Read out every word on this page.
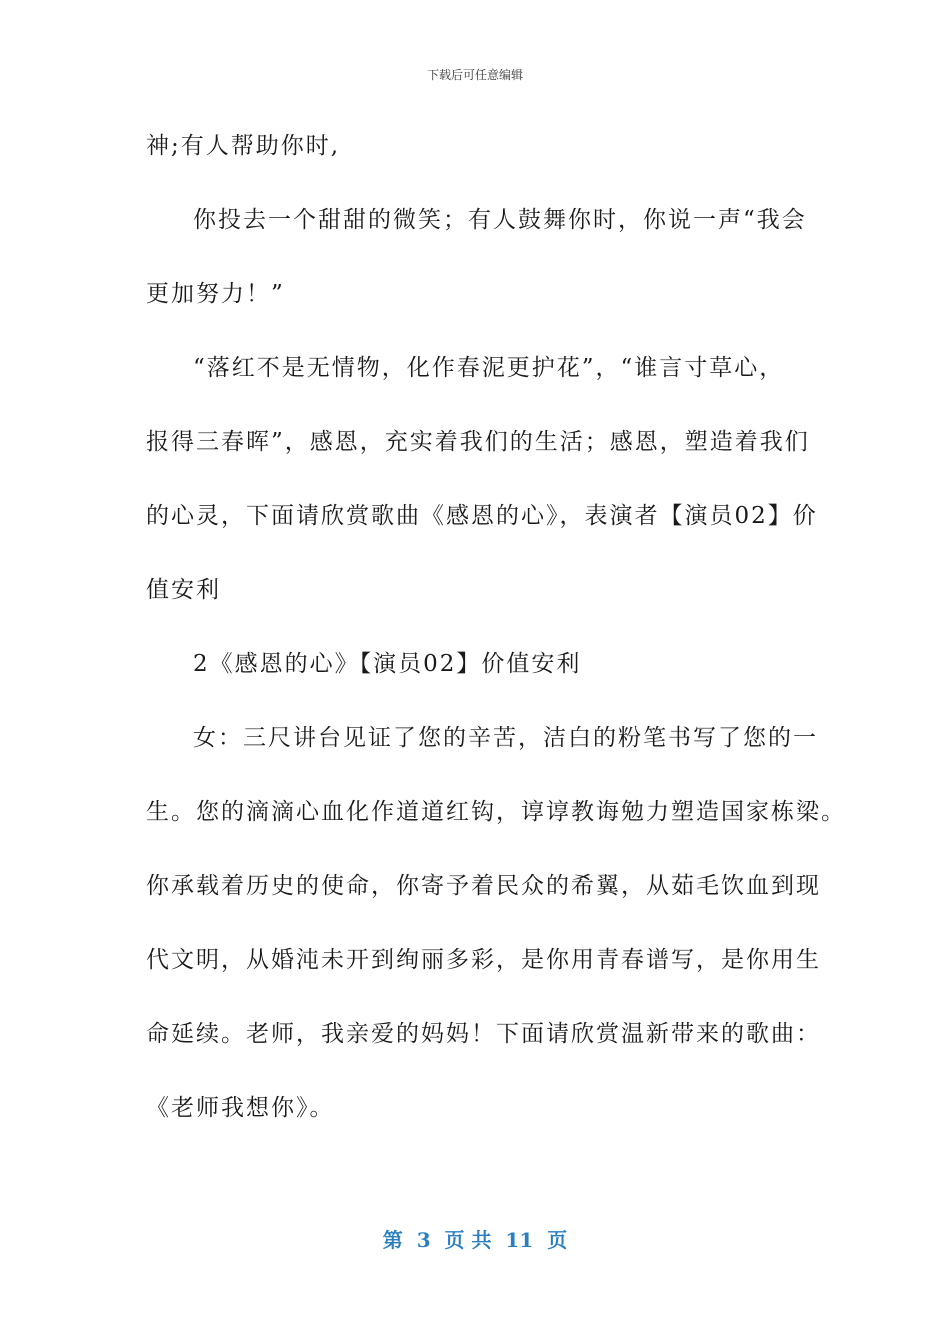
下载后可任意编辑
神;有人帮助你时,
你投去一个甜甜的微笑；有人鼓舞你时，你说一声“我会
更加努力！”
“落红不是无情物，化作春泥更护花”，“谁言寸草心，
报得三春晖”，感恩，充实着我们的生活；感恩，塑造着我们
的心灵，下面请欣赏歌曲《感恩的心》，表演者【演员02】价
值安利
2《感恩的心》【演员02】价值安利
女：三尺讲台见证了您的辛苦，洁白的粉笔书写了您的一
生。您的滴滴心血化作道道红钩，谆谆教诲勉力塑造国家栋梁。
你承载着历史的使命，你寄予着民众的希翼，从茹毛饮血到现
代文明，从婚沌未开到绚丽多彩，是你用青春谱写，是你用生
命延续。老师，我亲爱的妈妈！下面请欣赏温新带来的歌曲：
《老师我想你》。
第  3  页 共  11  页
